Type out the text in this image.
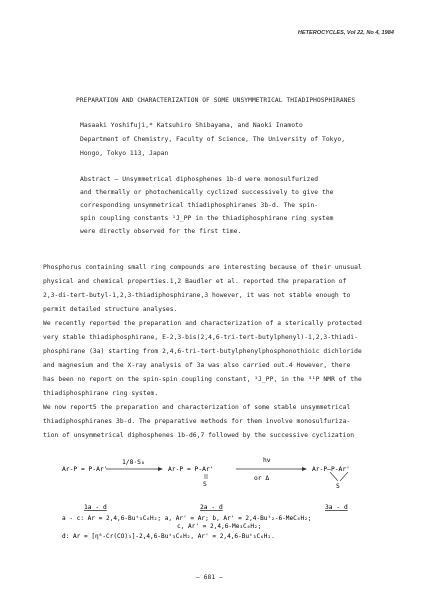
HETEROCYCLES, Vol 22, No 4, 1984
PREPARATION AND CHARACTERIZATION OF SOME UNSYMMETRICAL THIADIPHOSPHIRANES
Masaaki Yoshifuji,* Katsuhiro Shibayama, and Naoki Inamoto
Department of Chemistry, Faculty of Science, The University of Tokyo,
Hongo, Tokyo 113, Japan
Abstract — Unsymmetrical diphosphenes 1b-d were monosulfurized
and thermally or photochemically cyclized successively to give the
corresponding unsymmetrical thiadiphosphiranes 3b-d. The spin-
spin coupling constants ¹J_PP in the thiadiphosphirane ring system
were directly observed for the first time.
Phosphorus containing small ring compounds are interesting because of their unusual
physical and chemical properties.1,2 Baudler et al. reported the preparation of
2,3-di-tert-butyl-1,2,3-thiadiphosphirane,3 however, it was not stable enough to
permit detailed structure analyses.
We recently reported the preparation and characterization of a sterically protected
very stable thiadiphosphirane, E-2,3-bis(2,4,6-tri-tert-butylphenyl)-1,2,3-thiadi-
phosphirane (3a) starting from 2,4,6-tri-tert-butylphenylphosphonothioic dichloride
and magnesium and the X-ray analysis of 3a was also carried out.4 However, there
has been no report on the spin-spin coupling constant, ¹J_PP, in the ³¹P NMR of the
thiadiphosphirane ring system.
We now report5 the preparation and characterization of some stable unsymmetrical
thiadiphosphiranes 3b-d. The preparative methods for them involve monosulfuriza-
tion of unsymmetrical diphosphenes 1b-d6,7 followed by the successive cyclization
1/8·S₈
Ar-P = P-Ar'	Ar-P = P-Ar'
S
hν
or Δ
Ar-P—P-Ar'
S
1a - d	2a - d	3a - d
a - c: Ar = 2,4,6-Buᵗ₃C₆H₂; a, Ar' = Ar; b, Ar' = 2,4-Buᵗ₂-6-MeC₆H₂;
c, Ar' = 2,4,6-Me₃C₆H₂;
d: Ar = [η⁶-Cr(CO)₃]-2,4,6-Buᵗ₃C₆H₂, Ar' = 2,4,6-Buᵗ₃C₆H₂.
— 681 —
